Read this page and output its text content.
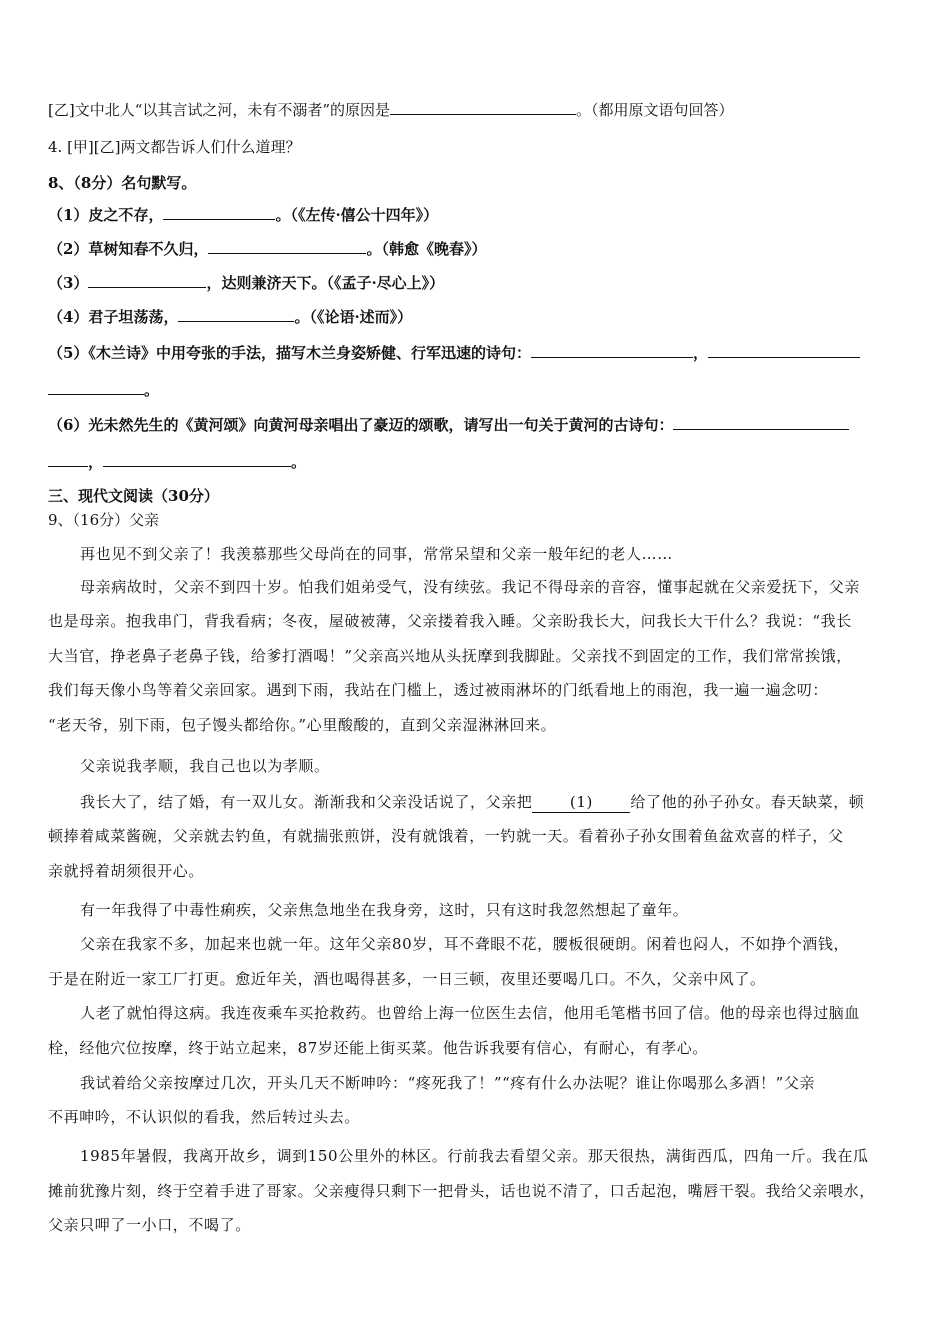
[乙]文中北人“以其言试之河，未有不溺者”的原因是	。（都用原文语句回答）
4. [甲][乙]两文都告诉人们什么道理？
8、（8分）名句默写。
（1）皮之不存，	。（《左传·僖公十四年》）
（2）草树知春不久归，	。（韩愈《晚春》）
（3）	，达则兼济天下。（《孟子·尽心上》）
（4）君子坦荡荡，	。（《论语·述而》）
（5）《木兰诗》中用夸张的手法，描写木兰身姿矫健、行军迅速的诗句：	，
。
（6）光未然先生的《黄河颂》向黄河母亲唱出了豪迈的颂歌，请写出一句关于黄河的古诗句：
，	。
三、现代文阅读（30分）
9、（16分）父亲
再也见不到父亲了！我羡慕那些父母尚在的同事，常常呆望和父亲一般年纪的老人……
母亲病故时，父亲不到四十岁。怕我们姐弟受气，没有续弦。我记不得母亲的音容，懂事起就在父亲爱抚下，父亲
也是母亲。抱我串门，背我看病；冬夜，屋破被薄，父亲搂着我入睡。父亲盼我长大，问我长大干什么？我说：“我长
大当官，挣老鼻子老鼻子钱，给爹打酒喝！”父亲高兴地从头抚摩到我脚趾。父亲找不到固定的工作，我们常常挨饿，
我们每天像小鸟等着父亲回家。遇到下雨，我站在门槛上，透过被雨淋坏的门纸看地上的雨泡，我一遍一遍念叨：
“老天爷，别下雨，包子馒头都给你。”心里酸酸的，直到父亲湿淋淋回来。
父亲说我孝顺，我自己也以为孝顺。
我长大了，结了婚，有一双儿女。渐渐我和父亲没话说了，父亲把 (1) 给了他的孙子孙女。春天缺菜，顿
顿捧着咸菜酱碗，父亲就去钓鱼，有就揣张煎饼，没有就饿着，一钓就一天。看着孙子孙女围着鱼盆欢喜的样子，父
亲就捋着胡须很开心。
有一年我得了中毒性痢疾，父亲焦急地坐在我身旁，这时，只有这时我忽然想起了童年。
父亲在我家不多，加起来也就一年。这年父亲80岁，耳不聋眼不花，腰板很硬朗。闲着也闷人，不如挣个酒钱，
于是在附近一家工厂打更。愈近年关，酒也喝得甚多，一日三顿，夜里还要喝几口。不久，父亲中风了。
人老了就怕得这病。我连夜乘车买抢救药。也曾给上海一位医生去信，他用毛笔楷书回了信。他的母亲也得过脑血
栓，经他穴位按摩，终于站立起来，87岁还能上街买菜。他告诉我要有信心，有耐心，有孝心。
我试着给父亲按摩过几次，开头几天不断呻吟：“疼死我了！”“疼有什么办法呢？谁让你喝那么多酒！”父亲
不再呻吟，不认识似的看我，然后转过头去。
1985年暑假，我离开故乡，调到150公里外的林区。行前我去看望父亲。那天很热，满街西瓜，四角一斤。我在瓜
摊前犹豫片刻，终于空着手进了哥家。父亲瘦得只剩下一把骨头，话也说不清了，口舌起泡，嘴唇干裂。我给父亲喂水，
父亲只呷了一小口，不喝了。
